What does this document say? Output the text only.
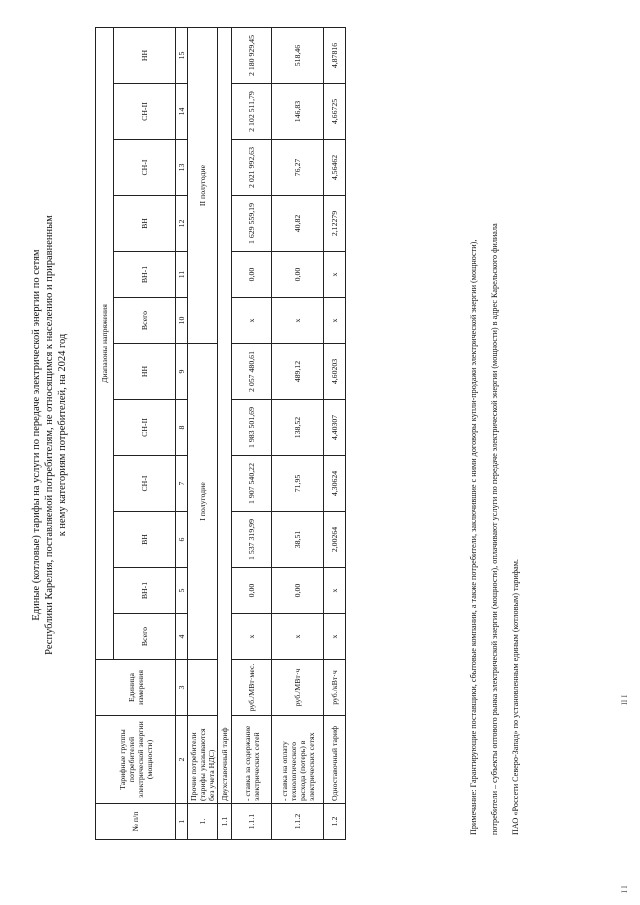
Единые (котловые) тарифы на услуги по передаче электрической энергии по сетям Республики Карелия, поставляемой потребителям, не относящимся к населению и приравненным к нему категориям потребителей, на 2024 год
№ п/п	Тарифные группы потребителей электрической энергии (мощности)	Единица измерения	Диапазоны напряжения											
			Всего	ВН-1	ВН	СН-I	СН-II	НН	Всего	ВН-1	ВН	СН-I	СН-II	НН
1	2	3	4	5	6	7	8	9	10	11	12	13	14	15
1.	Прочие потребители (тарифы указываются без учета НДС)		I полугодие						II полугодие					
1.1	Двухставочный тариф													
1.1.1	- ставка за содержание электрических сетей	руб./МВт·мес.	x	0,00	1 537 319,99	1 907 540,22	1 983 501,69	2 057 480,61	x	0,00	1 629 559,19	2 021 992,63	2 102 511,79	2 180 929,45
1.1.2	- ставка на оплату технологического расхода (потерь) в электрических сетях	руб./МВт·ч	x	0,00	38,51	71,95	138,52	489,12	x	0,00	40,82	76,27	146,83	518,46
1.2	Одноставочный тариф	руб./кВт·ч	x	x	2,00264	4,30624	4,40307	4,60203	x	x	2,12279	4,56462	4,66725	4,87816
Примечание: Гарантирующие поставщики, сбытовые компании, а также потребители, заключившие с ними договоры купли-продажи электрической энергии (мощности), потребители – субъекты оптового рынка электрической энергии (мощности), оплачивают услуги по передаче электрической энергии (мощности) в адрес Карельского филиала ПАО «Россети Северо-Запад» по установленным единым (котловым) тарифам.
I I
II I
